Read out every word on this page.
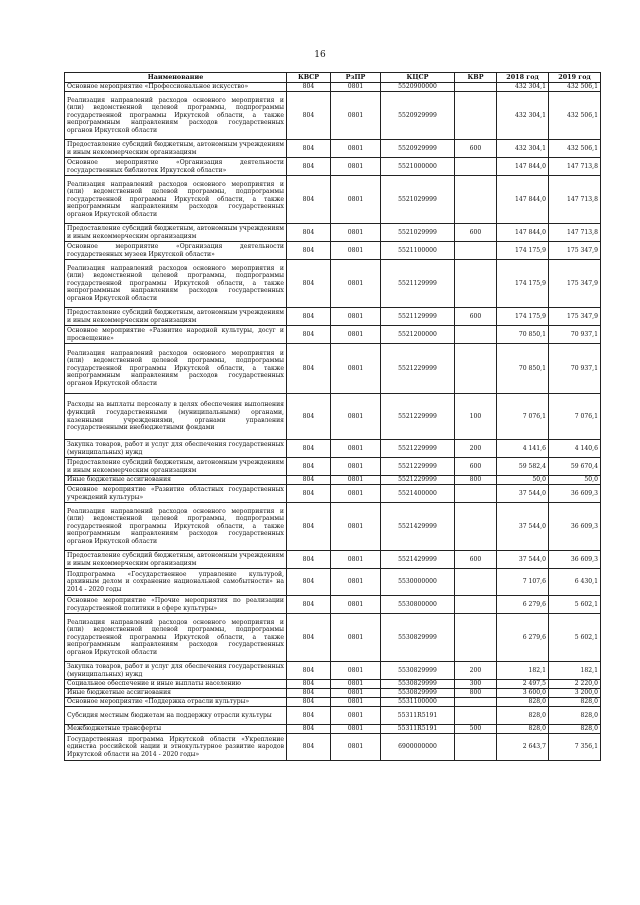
16
Наименование	КВСР	РзПР	КЦСР	КВР	2018 год	2019 год
Основное мероприятие «Профессиональное искусство»	804	0801	5520900000		432 304,1	432 506,1
Реализация направлений расходов основного мероприятия и (или) ведомственной целевой программы, подпрограммы государственной программы Иркутской области, а также непрограммным направлениям расходов государственных органов Иркутской области	804	0801	5520929999		432 304,1	432 506,1
Предоставление субсидий бюджетным, автономным учреждениям и иным некоммерческим организациям	804	0801	5520929999	600	432 304,1	432 506,1
Основное мероприятие «Организация деятельности государственных библиотек Иркутской области»	804	0801	5521000000		147 844,0	147 713,8
Реализация направлений расходов основного мероприятия и (или) ведомственной целевой программы, подпрограммы государственной программы Иркутской области, а также непрограммным направлениям расходов государственных органов Иркутской области	804	0801	5521029999		147 844,0	147 713,8
Предоставление субсидий бюджетным, автономным учреждениям и иным некоммерческим организациям	804	0801	5521029999	600	147 844,0	147 713,8
Основное мероприятие «Организация деятельности государственных музеев Иркутской области»	804	0801	5521100000		174 175,9	175 347,9
Реализация направлений расходов основного мероприятия и (или) ведомственной целевой программы, подпрограммы государственной программы Иркутской области, а также непрограммным направлениям расходов государственных органов Иркутской области	804	0801	5521129999		174 175,9	175 347,9
Предоставление субсидий бюджетным, автономным учреждениям и иным некоммерческим организациям	804	0801	5521129999	600	174 175,9	175 347,9
Основное мероприятие «Развитие народной культуры, досуг и просвещение»	804	0801	5521200000		70 850,1	70 937,1
Реализация направлений расходов основного мероприятия и (или) ведомственной целевой программы, подпрограммы государственной программы Иркутской области, а также непрограммным направлениям расходов государственных органов Иркутской области	804	0801	5521229999		70 850,1	70 937,1
Расходы на выплаты персоналу в целях обеспечения выполнения функций государственными (муниципальными) органами, казенными учреждениями, органами управления государственными внебюджетными фондами	804	0801	5521229999	100	7 076,1	7 076,1
Закупка товаров, работ и услуг для обеспечения государственных (муниципальных) нужд	804	0801	5521229999	200	4 141,6	4 140,6
Предоставление субсидий бюджетным, автономным учреждениям и иным некоммерческим организациям	804	0801	5521229999	600	59 582,4	59 670,4
Иные бюджетные ассигнования	804	0801	5521229999	800	50,0	50,0
Основное мероприятие «Развитие областных государственных учреждений культуры»	804	0801	5521400000		37 544,0	36 609,3
Реализация направлений расходов основного мероприятия и (или) ведомственной целевой программы, подпрограммы государственной программы Иркутской области, а также непрограммным направлениям расходов государственных органов Иркутской области	804	0801	5521429999		37 544,0	36 609,3
Предоставление субсидий бюджетным, автономным учреждениям и иным некоммерческим организациям	804	0801	5521429999	600	37 544,0	36 609,3
Подпрограмма «Государственное управление культурой, архивным делом и сохранение национальной самобытности» на 2014 - 2020 годы	804	0801	5530000000		7 107,6	6 430,1
Основное мероприятие «Прочие мероприятия по реализации государственной политики в сфере культуры»	804	0801	5530800000		6 279,6	5 602,1
Реализация направлений расходов основного мероприятия и (или) ведомственной целевой программы, подпрограммы государственной программы Иркутской области, а также непрограммным направлениям расходов государственных органов Иркутской области	804	0801	5530829999		6 279,6	5 602,1
Закупка товаров, работ и услуг для обеспечения государственных (муниципальных) нужд	804	0801	5530829999	200	182,1	182,1
Социальное обеспечение и иные выплаты населению	804	0801	5530829999	300	2 497,5	2 220,0
Иные бюджетные ассигнования	804	0801	5530829999	800	3 600,0	3 200,0
Основное мероприятие «Поддержка отрасли культуры»	804	0801	5531100000		828,0	828,0
Субсидия местным бюджетам на поддержку отрасли культуры	804	0801	55311R5191		828,0	828,0
Межбюджетные трансферты	804	0801	55311R5191	500	828,0	828,0
Государственная программа Иркутской области «Укрепление единства российской нации и этнокультурное развитие народов Иркутской области на 2014 - 2020 годы»	804	0801	6900000000		2 643,7	7 356,1
